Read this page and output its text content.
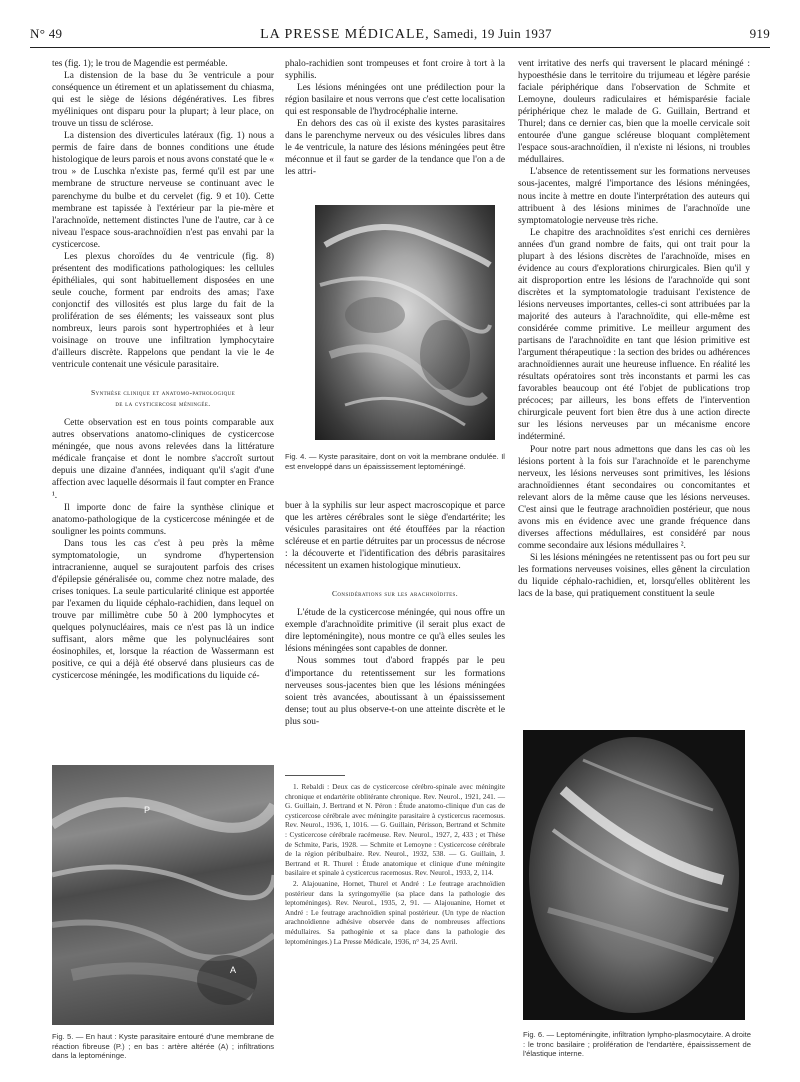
N° 49	LA PRESSE MÉDICALE, Samedi, 19 Juin 1937	919

tes (fig. 1); le trou de Magendie est perméable.

La distension de la base du 3e ventricule a pour conséquence un étirement et un aplatissement du chiasma, qui est le siège de lésions dégénératives. Les fibres myéliniques ont disparu pour la plupart; à leur place, on trouve un tissu de sclérose.

La distension des diverticules latéraux (fig. 1) nous a permis de faire dans de bonnes conditions une étude histologique de leurs parois et nous avons constaté que le « trou » de Luschka n'existe pas, fermé qu'il est par une membrane de structure nerveuse se continuant avec le parenchyme du bulbe et du cervelet (fig. 9 et 10). Cette membrane est tapissée à l'extérieur par la pie-mère et l'arachnoïde, nettement distinctes l'une de l'autre, car à ce niveau l'espace sous-arachnoïdien n'est pas envahi par la cysticercose.

Les plexus choroïdes du 4e ventricule (fig. 8) présentent des modifications pathologiques: les cellules épithéliales, qui sont habituellement disposées en une seule couche, forment par endroits des amas; l'axe conjonctif des villosités est plus large du fait de la prolifération de ses éléments; les vaisseaux sont plus nombreux, leurs parois sont hypertrophiées et à leur voisinage on trouve une infiltration lymphocytaire d'ailleurs discrète. Rappelons que pendant la vie le 4e ventricule contenait une vésicule parasitaire.

Synthèse clinique et anatomo-pathologique
de la cysticercose méningée.

Cette observation est en tous points comparable aux autres observations anatomo-cliniques de cysticercose méningée, que nous avons relevées dans la littérature médicale française et dont le nombre s'accroît surtout depuis une dizaine d'années, indiquant qu'il s'agit d'une affection avec laquelle désormais il faut compter en France ¹.

Il importe donc de faire la synthèse clinique et anatomo-pathologique de la cysticercose méningée et de souligner les points communs.

Dans tous les cas c'est à peu près la même symptomatologie, un syndrome d'hypertension intracranienne, auquel se surajoutent parfois des crises d'épilepsie généralisée ou, comme chez notre malade, des crises toniques. La seule particularité clinique est apportée par l'examen du liquide céphalo-rachidien, dans lequel on trouve par millimètre cube 50 à 200 lymphocytes et quelques polynucléaires, mais ce n'est pas là un indice suffisant, alors même que les polynucléaires sont éosinophiles, et, lorsque la réaction de Wassermann est positive, ce qui a déjà été observé dans plusieurs cas de cysticercose méningée, les modifications du liquide cé-

phalo-rachidien sont trompeuses et font croire à tort à la syphilis.

Les lésions méningées ont une prédilection pour la région basilaire et nous verrons que c'est cette localisation qui est responsable de l'hydrocéphalie interne.

En dehors des cas où il existe des kystes parasitaires dans le parenchyme nerveux ou des vésicules libres dans le 4e ventricule, la nature des lésions méningées peut être méconnue et il faut se garder de la tendance que l'on a de les attri-

Fig. 4. — Kyste parasitaire, dont on voit la membrane ondulée. Il est enveloppé dans un épaississement leptoméningé.

buer à la syphilis sur leur aspect macroscopique et parce que les artères cérébrales sont le siège d'endartérite; les vésicules parasitaires ont été étouffées par la réaction scléreuse et en partie détruites par un processus de nécrose : la découverte et l'identification des débris parasitaires nécessitent un examen histologique minutieux.

Considérations sur les arachnoïdites.

L'étude de la cysticercose méningée, qui nous offre un exemple d'arachnoïdite primitive (il serait plus exact de dire leptoméningite), nous montre ce qu'à elles seules les lésions méningées sont capables de donner.

Nous sommes tout d'abord frappés par le peu d'importance du retentissement sur les formations nerveuses sous-jacentes bien que les lésions méningées soient très avancées, aboutissant à un épaississement dense; tout au plus observe-t-on une atteinte discrète et le plus sou-

vent irritative des nerfs qui traversent le placard méningé : hypoesthésie dans le territoire du trijumeau et légère parésie faciale périphérique dans l'observation de Schmite et Lemoyne, douleurs radiculaires et hémisparésie faciale périphérique chez le malade de G. Guillain, Bertrand et Thurel; dans ce dernier cas, bien que la moelle cervicale soit entourée d'une gangue scléreuse bloquant complètement l'espace sous-arachnoïdien, il n'existe ni lésions, ni troubles médullaires.

L'absence de retentissement sur les formations nerveuses sous-jacentes, malgré l'importance des lésions méningées, nous incite à mettre en doute l'interprétation des auteurs qui attribuent à des lésions minimes de l'arachnoïde une symptomatologie nerveuse très riche.

Le chapitre des arachnoïdites s'est enrichi ces dernières années d'un grand nombre de faits, qui ont trait pour la plupart à des lésions discrètes de l'arachnoïde, mises en évidence au cours d'explorations chirurgicales. Bien qu'il y ait disproportion entre les lésions de l'arachnoïde qui sont discrètes et la symptomatologie traduisant l'existence de lésions nerveuses importantes, celles-ci sont attribuées par la majorité des auteurs à l'arachnoïdite, qui elle-même est considérée comme primitive. Le meilleur argument des partisans de l'arachnoïdite en tant que lésion primitive est l'argument thérapeutique : la section des brides ou adhérences arachnoïdiennes aurait une heureuse influence. En réalité les résultats opératoires sont très inconstants et parmi les cas favorables beaucoup ont été l'objet de publications trop précoces; par ailleurs, les bons effets de l'intervention chirurgicale peuvent fort bien être dus à une action directe sur les lésions nerveuses par un mécanisme encore indéterminé.

Pour notre part nous admettons que dans les cas où les lésions portent à la fois sur l'arachnoïde et le parenchyme nerveux, les lésions nerveuses sont primitives, les lésions arachnoïdiennes étant secondaires ou concomitantes et relevant alors de la même cause que les lésions nerveuses. C'est ainsi que le feutrage arachnoïdien postérieur, que nous avons mis en évidence avec une grande fréquence dans diverses affections médullaires, est considéré par nous comme secondaire aux lésions médullaires ².

Si les lésions méningées ne retentissent pas ou fort peu sur les formations nerveuses voisines, elles gênent la circulation du liquide céphalo-rachidien, et, lorsqu'elles oblitèrent les lacs de la base, qui pratiquement constituent la seule

P
A
Fig. 5. — En haut : Kyste parasitaire entouré d'une membrane de réaction fibreuse (P.) ; en bas : artère altérée (A) ; infiltrations dans la leptoméninge.

1. Rebaldi : Deux cas de cysticercose cérébro-spinale avec méningite chronique et endartérite oblitérante chronique. Rev. Neurol., 1921, 241. — G. Guillain, J. Bertrand et N. Péron : Étude anatomo-clinique d'un cas de cysticercose cérébrale avec méningite parasitaire à cysticercus racemosus. Rev. Neurol., 1936, 1, 1016. — G. Guillain, Périsson, Bertrand et Schmite : Cysticercose cérébrale racémeuse. Rev. Neurol., 1927, 2, 433 ; et Thèse de Schmite, Paris, 1928. — Schmite et Lemoyne : Cysticercose cérébrale de la région péribulbaire. Rev. Neurol., 1932, 538. — G. Guillain, J. Bertrand et R. Thurel : Étude anatomique et clinique d'une méningite basilaire et spinale à cysticercus racemosus. Rev. Neurol., 1933, 2, 114.

2. Alajouanine, Hornet, Thurel et André : Le feutrage arachnoïdien postérieur dans la syringomyélie (sa place dans la pathologie des leptoméninges). Rev. Neurol., 1935, 2, 91. — Alajouanine, Hornet et André : Le feutrage arachnoïdien spinal postérieur. (Un type de réaction arachnoïdienne adhésive observée dans de nombreuses affections médullaires. Sa pathogénie et sa place dans la pathologie des leptoméninges.) La Presse Médicale, 1936, n° 34, 25 Avril.

Fig. 6. — Leptoméningite, infiltration lympho-plasmocytaire. A droite : le tronc basilaire ; prolifération de l'endartère, épaississement de l'élastique interne.
